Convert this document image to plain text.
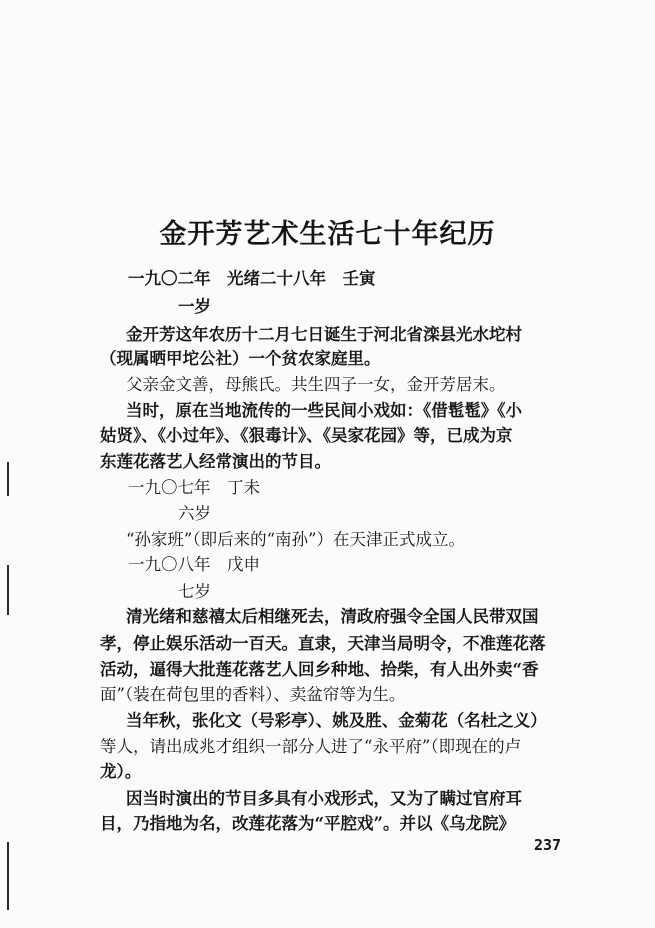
金开芳艺术生活七十年纪历
一九〇二年　光绪二十八年　壬寅
一岁
金开芳这年农历十二月七日诞生于河北省滦县光水坨村
（现属晒甲坨公社）一个贫农家庭里。
父亲金文善，母熊氏。共生四子一女，金开芳居末。
当时，原在当地流传的一些民间小戏如：《借髢髢》《小
姑贤》、《小过年》、《狠毒计》、《吴家花园》等，已成为京
东莲花落艺人经常演出的节目。
一九〇七年　丁未
六岁
“孙家班”（即后来的“南孙”）在天津正式成立。
一九〇八年　戊申
七岁
清光绪和慈禧太后相继死去，清政府强令全国人民带双国
孝，停止娱乐活动一百天。直隶，天津当局明令，不准莲花落
活动，逼得大批莲花落艺人回乡种地、拾柴，有人出外卖“香
面”（装在荷包里的香料）、卖盆帘等为生。
当年秋，张化文（号彩亭）、姚及胜、金菊花（名杜之义）
等人，请出成兆才组织一部分人进了“永平府”（即现在的卢
龙）。
因当时演出的节目多具有小戏形式，又为了瞒过官府耳
目，乃指地为名，改莲花落为“平腔戏”。并以《乌龙院》
237
